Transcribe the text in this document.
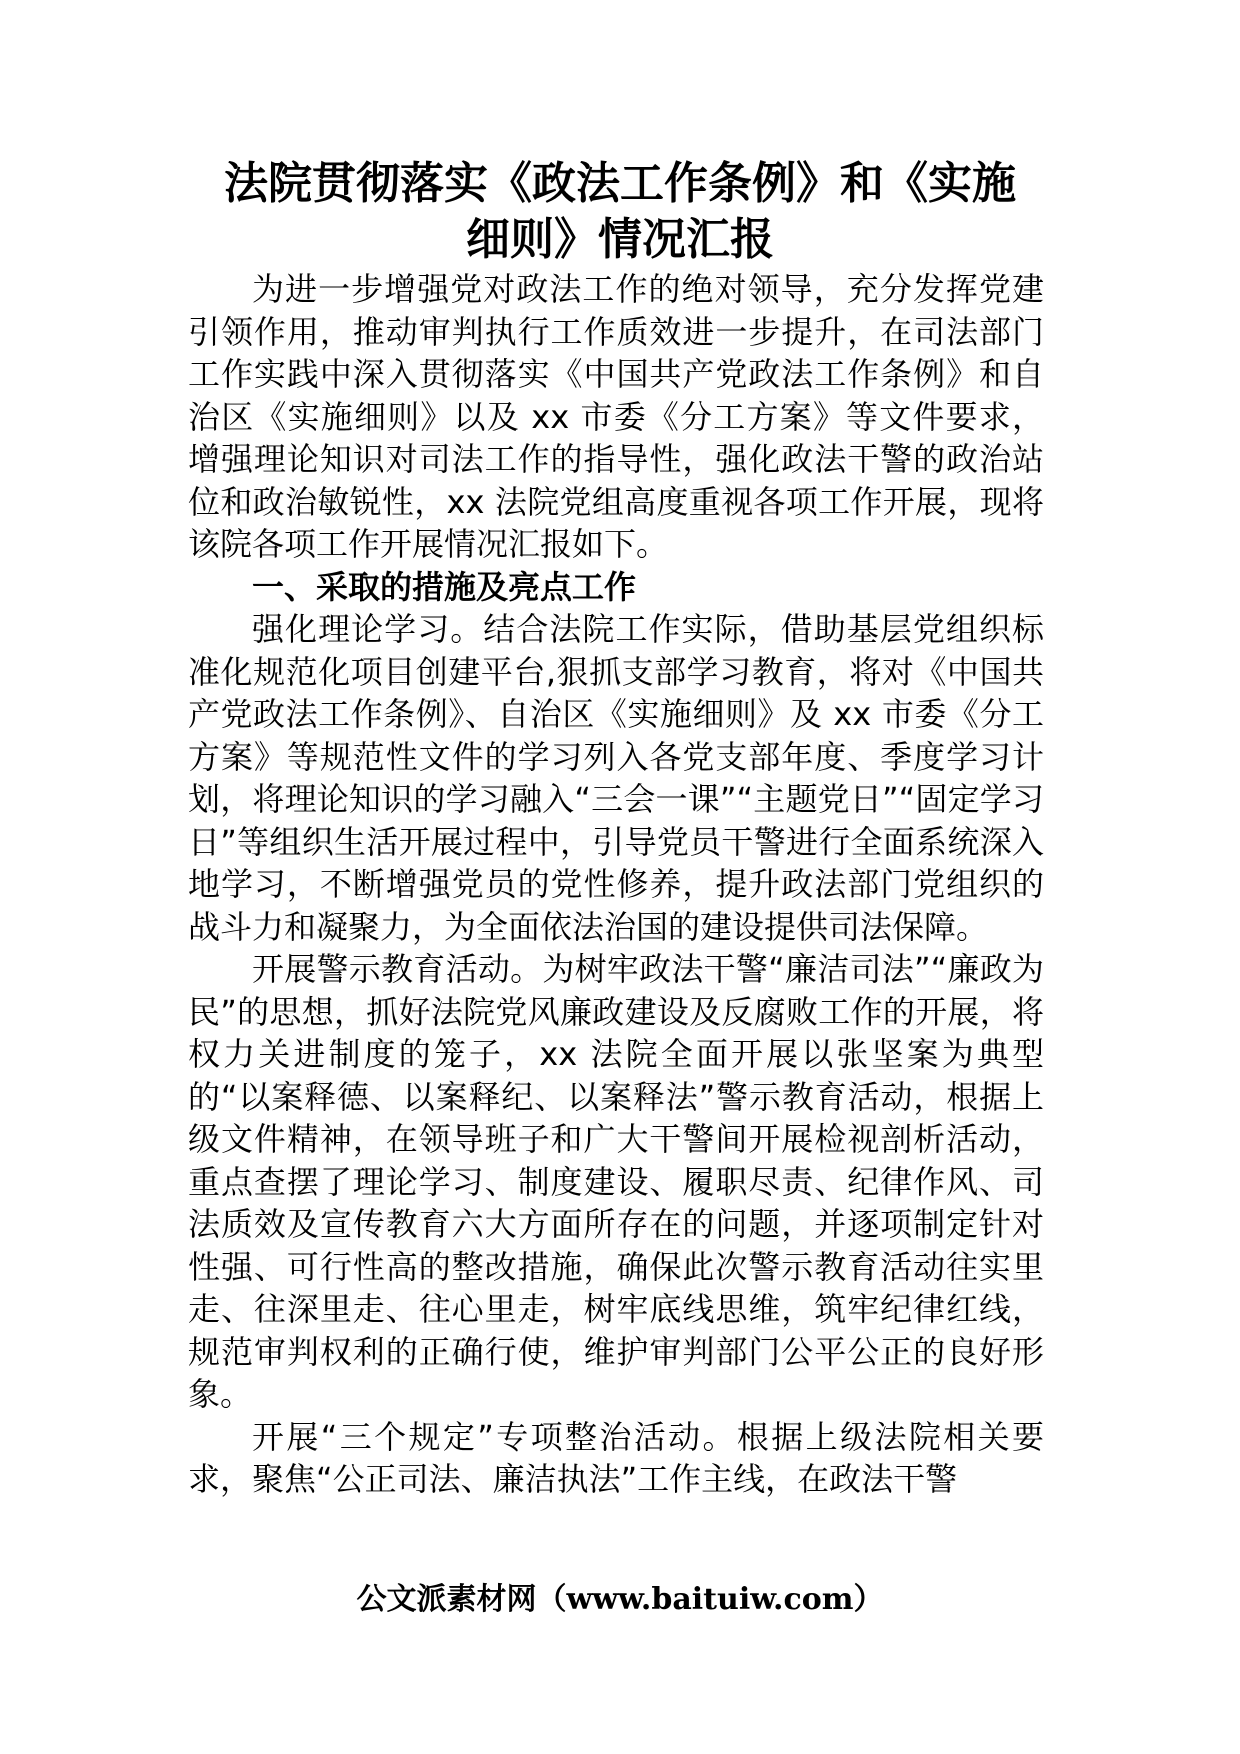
法院贯彻落实《政法工作条例》和《实施
细则》情况汇报

为进一步增强党对政法工作的绝对领导，充分发挥党建引领作用，推动审判执行工作质效进一步提升，在司法部门工作实践中深入贯彻落实《中国共产党政法工作条例》和自治区《实施细则》以及 xx 市委《分工方案》等文件要求，增强理论知识对司法工作的指导性，强化政法干警的政治站位和政治敏锐性，xx 法院党组高度重视各项工作开展，现将该院各项工作开展情况汇报如下。

一、采取的措施及亮点工作

强化理论学习。结合法院工作实际，借助基层党组织标准化规范化项目创建平台,狠抓支部学习教育，将对《中国共产党政法工作条例》、自治区《实施细则》及 xx 市委《分工方案》等规范性文件的学习列入各党支部年度、季度学习计划，将理论知识的学习融入“三会一课”“主题党日”“固定学习日”等组织生活开展过程中，引导党员干警进行全面系统深入地学习，不断增强党员的党性修养，提升政法部门党组织的战斗力和凝聚力，为全面依法治国的建设提供司法保障。

开展警示教育活动。为树牢政法干警“廉洁司法”“廉政为民”的思想，抓好法院党风廉政建设及反腐败工作的开展，将权力关进制度的笼子，xx 法院全面开展以张坚案为典型的“以案释德、以案释纪、以案释法”警示教育活动，根据上级文件精神，在领导班子和广大干警间开展检视剖析活动，重点查摆了理论学习、制度建设、履职尽责、纪律作风、司法质效及宣传教育六大方面所存在的问题，并逐项制定针对性强、可行性高的整改措施，确保此次警示教育活动往实里走、往深里走、往心里走，树牢底线思维，筑牢纪律红线，规范审判权利的正确行使，维护审判部门公平公正的良好形象。

开展“三个规定”专项整治活动。根据上级法院相关要求，聚焦“公正司法、廉洁执法”工作主线，在政法干警

公文派素材网（www.baituiw.com）
